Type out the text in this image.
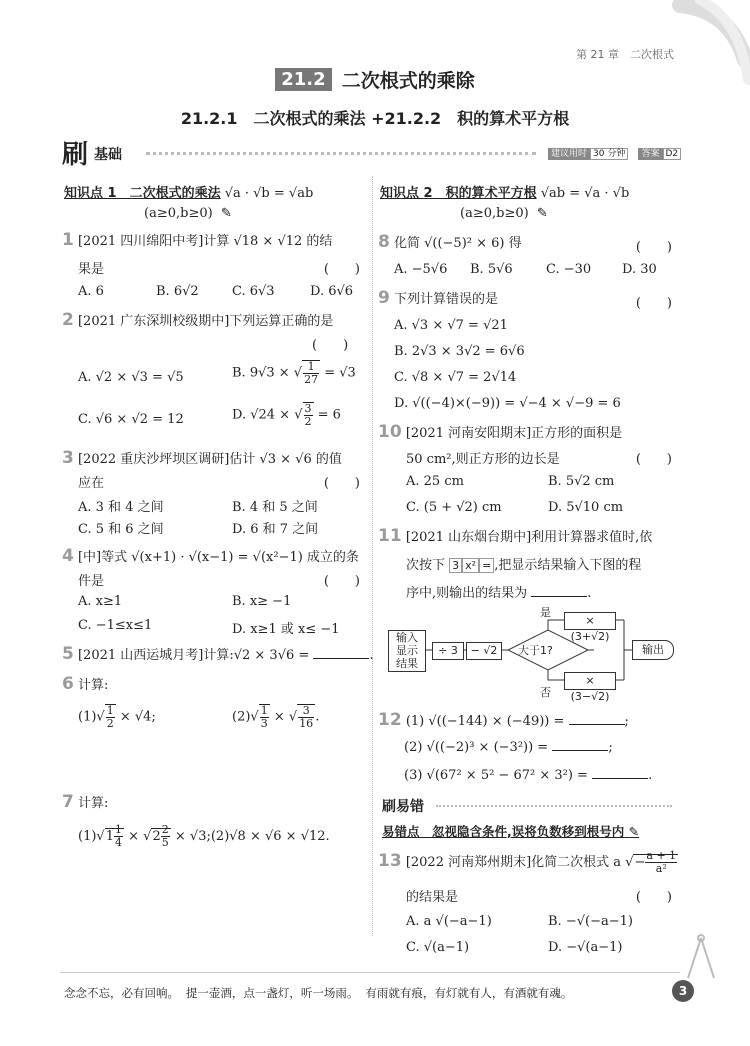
第 21 章　二次根式
21.2 二次根式的乘除
21.2.1　二次根式的乘法 +21.2.2　积的算术平方根
刷 基础	建议用时 30 分钟 答案 D2
知识点 1　二次根式的乘法 √a · √b = √ab
(a≥0,b≥0) ✎
1 [2021 四川绵阳中考]计算 √18 × √12 的结
果是	(　　)
A. 6	B. 6√2	C. 6√3	D. 6√6
2 [2021 广东深圳校级期中]下列运算正确的是
(　　)
A. √2 × √3 = √5	B. 9√3 × √ $\frac{1}{27} = √3$
C. √6 × √2 = 12	D. √24 × √ $\frac{3}{2} = 6$
3 [2022 重庆沙坪坝区调研]估计 √3 × √6 的值
应在	(　　)
A. 3 和 4 之间	B. 4 和 5 之间
C. 5 和 6 之间	D. 6 和 7 之间
4 [中]等式 √(x+1) · √(x−1) = √(x²−1) 成立的条
件是	(　　)
A. x≥1	B. x≥ −1
C. −1≤x≤1	D. x≥1 或 x≤ −1
5 [2021 山西运城月考]计算:√2 × 3√6 =	.
6 计算:
$(1)√ \frac{1}{2} \times √4$;	$(2)√ \frac{1}{3}$ × √ $\frac{3}{16}$ .
7 计算:
$(1)√1 \frac{1}{4} \times √2 \frac{2}{5}$ × √3;(2)√8 × √6 × √12.
知识点 2　积的算术平方根 √ab = √a · √b
(a≥0,b≥0) ✎
8 化简 √((−5)² × 6) 得	(　　)
A. −5√6 B. 5√6	C. −30 D. 30
9 下列计算错误的是	(　　)
A. √3 × √7 = √21
B. 2√3 × 3√2 = 6√6
C. √8 × √7 = 2√14
D. √((−4)×(−9)) = √−4 × √−9 = 6
10 [2021 河南安阳期末]正方形的面积是
50 cm²,则正方形的边长是	(　　)
A. 25 cm	B. 5√2 cm
C. (5 + √2) cm	D. 5√10 cm
11 [2021 山东烟台期中]利用计算器求值时,依
次按下 3 x² = ,把显示结果输入下图的程
序中,则输出的结果为	.
输入
显示
结果
÷ 3	− √2	大于1?
是
否
× (3+√2)
× (3−√2)
输出
12 (1) √((−144) × (−49)) =	;
(2) √((−2)³ × (−3²)) =	;
(3) √(67² × 5² − 67² × 3²) =	.
刷易错
易错点　忽视隐含条件,误将负数移到根号内 ✎
13 [2022 河南郑州期末]化简二次根式 a √− $\frac{a + 1}{\text{a²}}$
的结果是	(　　)
A. a √(−a−1)	B. −√(−a−1)
C. √(a−1)	D. −√(a−1)
念念不忘，必有回响。 提一壶酒，点一盏灯，听一场雨。 有雨就有痕，有灯就有人，有酒就有魂。	3
